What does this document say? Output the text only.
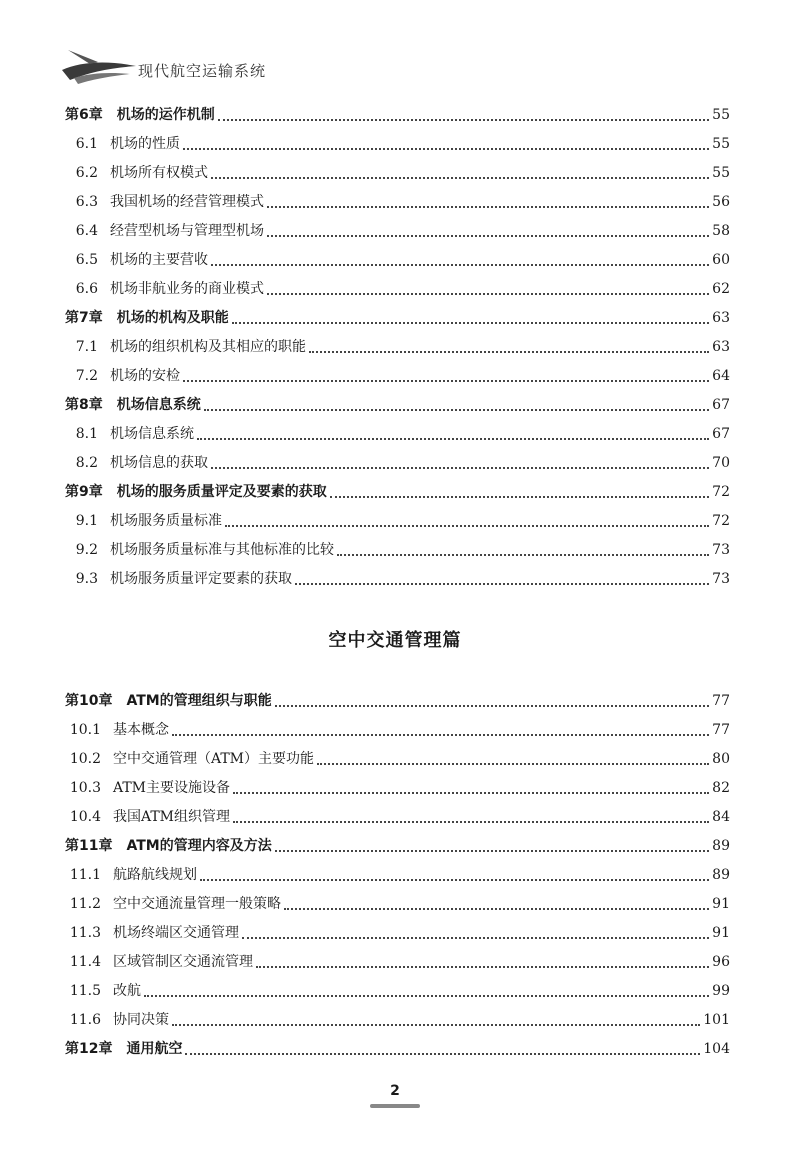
现代航空运输系统
第6章 机场的运作机制	55
6.1 机场的性质	55
6.2 机场所有权模式	55
6.3 我国机场的经营管理模式	56
6.4 经营型机场与管理型机场	58
6.5 机场的主要营收	60
6.6 机场非航业务的商业模式	62
第7章 机场的机构及职能	63
7.1 机场的组织机构及其相应的职能	63
7.2 机场的安检	64
第8章 机场信息系统	67
8.1 机场信息系统	67
8.2 机场信息的获取	70
第9章 机场的服务质量评定及要素的获取	72
9.1 机场服务质量标准	72
9.2 机场服务质量标准与其他标准的比较	73
9.3 机场服务质量评定要素的获取	73
第10章 ATM的管理组织与职能	77
10.1 基本概念	77
10.2 空中交通管理（ATM）主要功能	80
10.3 ATM主要设施设备	82
10.4 我国ATM组织管理	84
第11章 ATM的管理内容及方法	89
11.1 航路航线规划	89
11.2 空中交通流量管理一般策略	91
11.3 机场终端区交通管理	91
11.4 区域管制区交通流管理	96
11.5 改航	99
11.6 协同决策	101
第12章 通用航空	104
空中交通管理篇
2
